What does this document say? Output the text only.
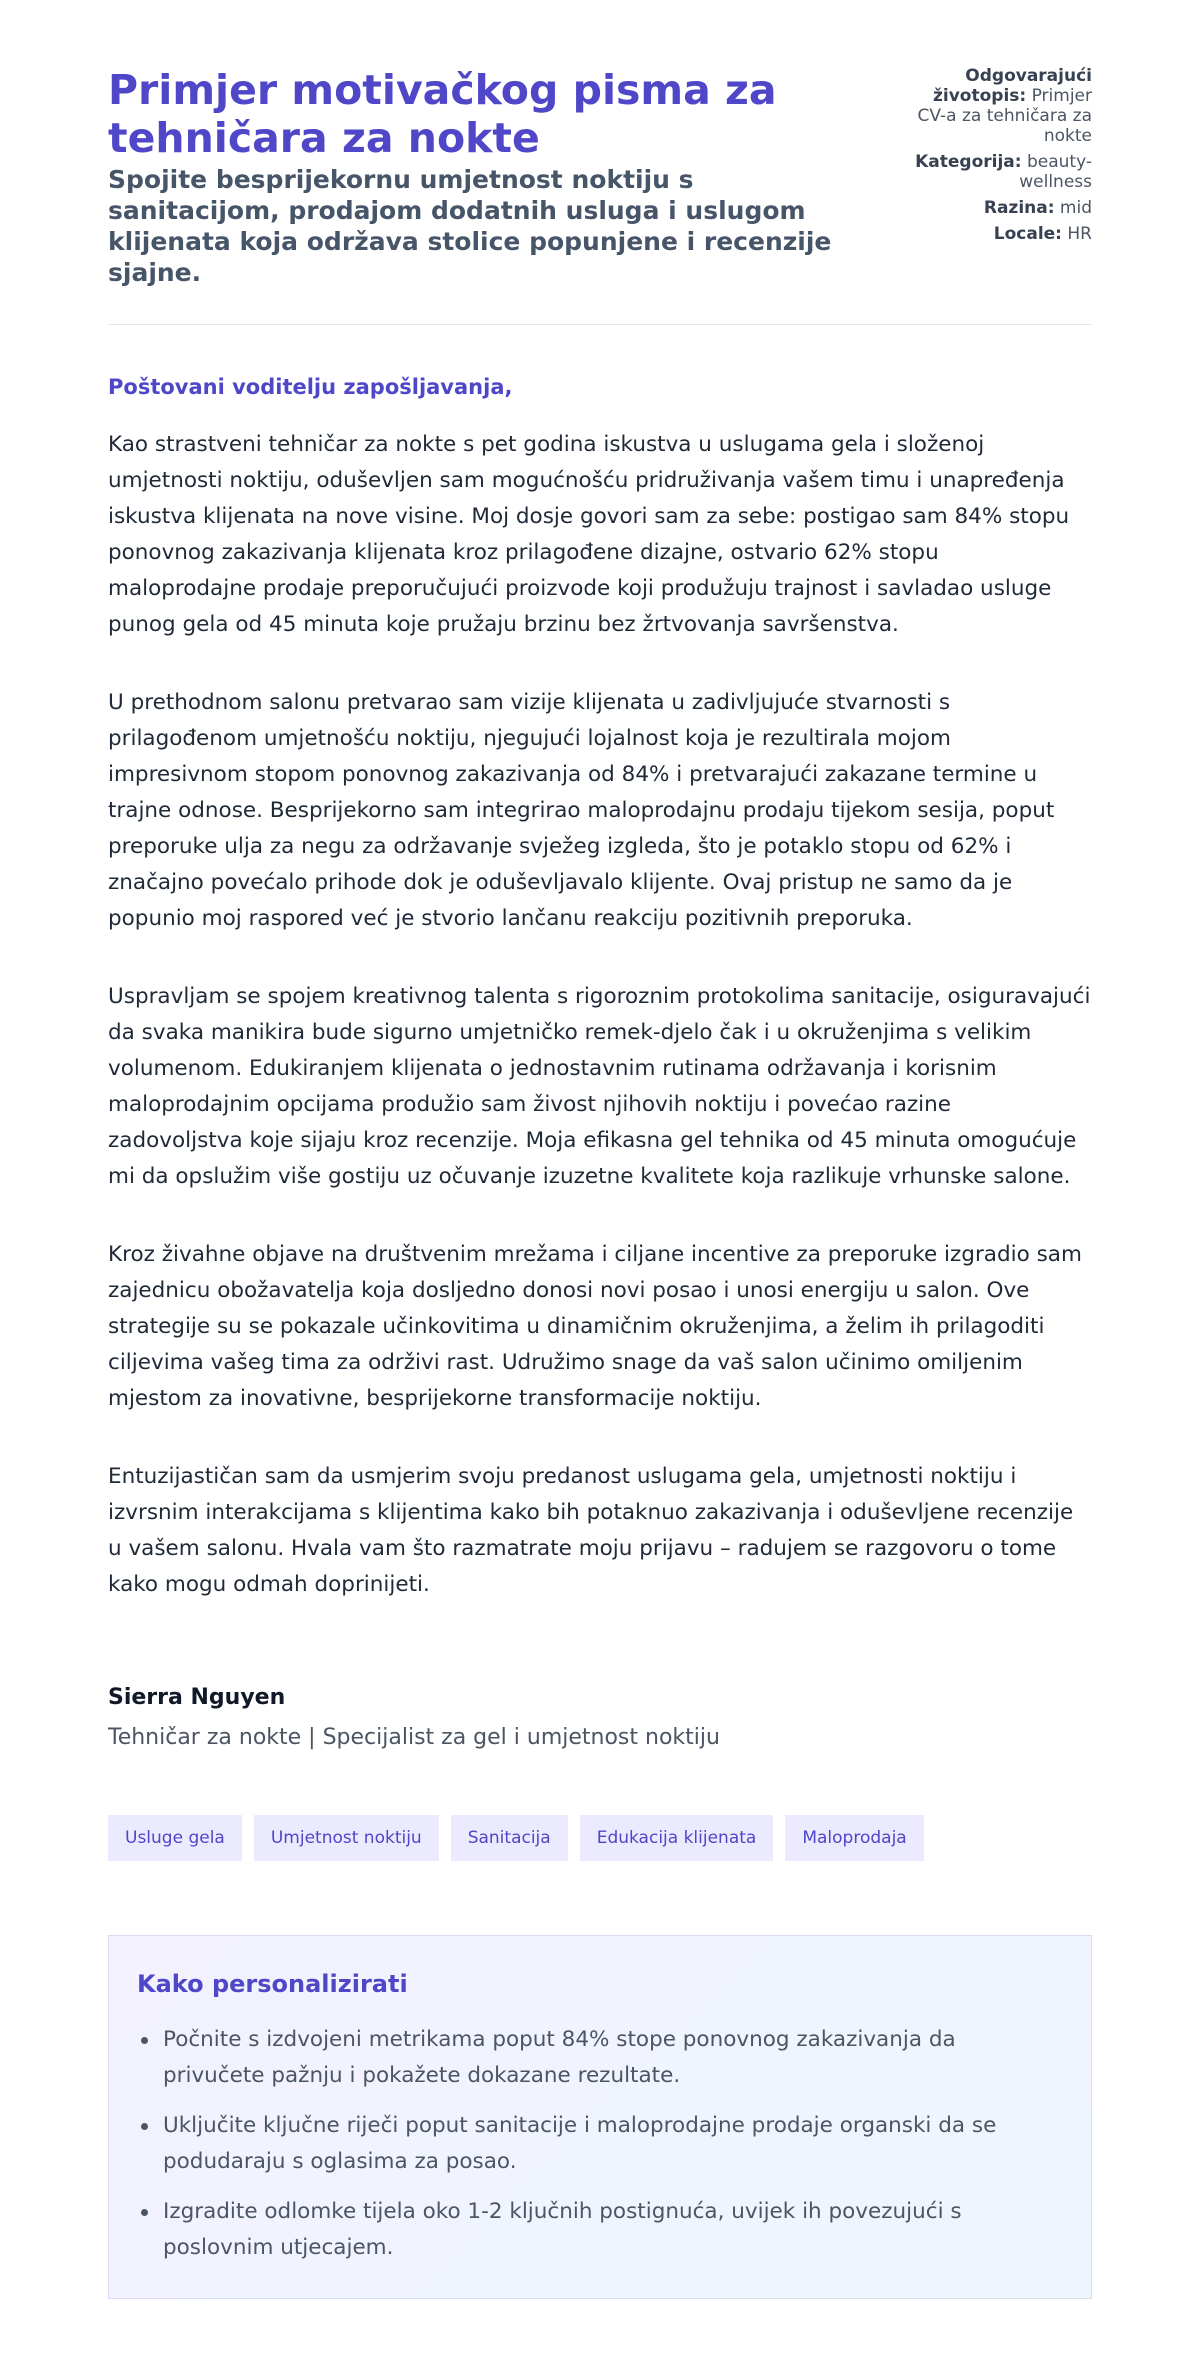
Primjer motivačkog pisma za tehničara za nokte
Spojite besprijekornu umjetnost noktiju s sanitacijom, prodajom dodatnih usluga i uslugom klijenata koja održava stolice popunjene i recenzije sjajne.
Odgovarajući životopis: Primjer CV-a za tehničara za nokte
Kategorija: beauty-wellness
Razina: mid
Locale: HR

Poštovani voditelju zapošljavanja,

Kao strastveni tehničar za nokte s pet godina iskustva u uslugama gela i složenoj umjetnosti noktiju, oduševljen sam mogućnošću pridruživanja vašem timu i unapređenja iskustva klijenata na nove visine. Moj dosje govori sam za sebe: postigao sam 84% stopu ponovnog zakazivanja klijenata kroz prilagođene dizajne, ostvario 62% stopu maloprodajne prodaje preporučujući proizvode koji produžuju trajnost i savladao usluge punog gela od 45 minuta koje pružaju brzinu bez žrtvovanja savršenstva.

U prethodnom salonu pretvarao sam vizije klijenata u zadivljujuće stvarnosti s prilagođenom umjetnošću noktiju, njegujući lojalnost koja je rezultirala mojom impresivnom stopom ponovnog zakazivanja od 84% i pretvarajući zakazane termine u trajne odnose. Besprijekorno sam integrirao maloprodajnu prodaju tijekom sesija, poput preporuke ulja za negu za održavanje svježeg izgleda, što je potaklo stopu od 62% i značajno povećalo prihode dok je oduševljavalo klijente. Ovaj pristup ne samo da je popunio moj raspored već je stvorio lančanu reakciju pozitivnih preporuka.

Uspravljam se spojem kreativnog talenta s rigoroznim protokolima sanitacije, osiguravajući da svaka manikira bude sigurno umjetničko remek-djelo čak i u okruženjima s velikim volumenom. Edukiranjem klijenata o jednostavnim rutinama održavanja i korisnim maloprodajnim opcijama produžio sam živost njihovih noktiju i povećao razine zadovoljstva koje sijaju kroz recenzije. Moja efikasna gel tehnika od 45 minuta omogućuje mi da opslužim više gostiju uz očuvanje izuzetne kvalitete koja razlikuje vrhunske salone.

Kroz živahne objave na društvenim mrežama i ciljane incentive za preporuke izgradio sam zajednicu obožavatelja koja dosljedno donosi novi posao i unosi energiju u salon. Ove strategije su se pokazale učinkovitima u dinamičnim okruženjima, a želim ih prilagoditi ciljevima vašeg tima za održivi rast. Udružimo snage da vaš salon učinimo omiljenim mjestom za inovativne, besprijekorne transformacije noktiju.

Entuzijastičan sam da usmjerim svoju predanost uslugama gela, umjetnosti noktiju i izvrsnim interakcijama s klijentima kako bih potaknuo zakazivanja i oduševljene recenzije u vašem salonu. Hvala vam što razmatrate moju prijavu – radujem se razgovoru o tome kako mogu odmah doprinijeti.

Sierra Nguyen
Tehničar za nokte | Specijalist za gel i umjetnost noktiju
Usluge gela	Umjetnost noktiju	Sanitacija	Edukacija klijenata	Maloprodaja
Kako personalizirati
Počnite s izdvojeni metrikama poput 84% stope ponovnog zakazivanja da privučete pažnju i pokažete dokazane rezultate.
Uključite ključne riječi poput sanitacije i maloprodajne prodaje organski da se podudaraju s oglasima za posao.
Izgradite odlomke tijela oko 1-2 ključnih postignuća, uvijek ih povezujući s poslovnim utjecajem.
